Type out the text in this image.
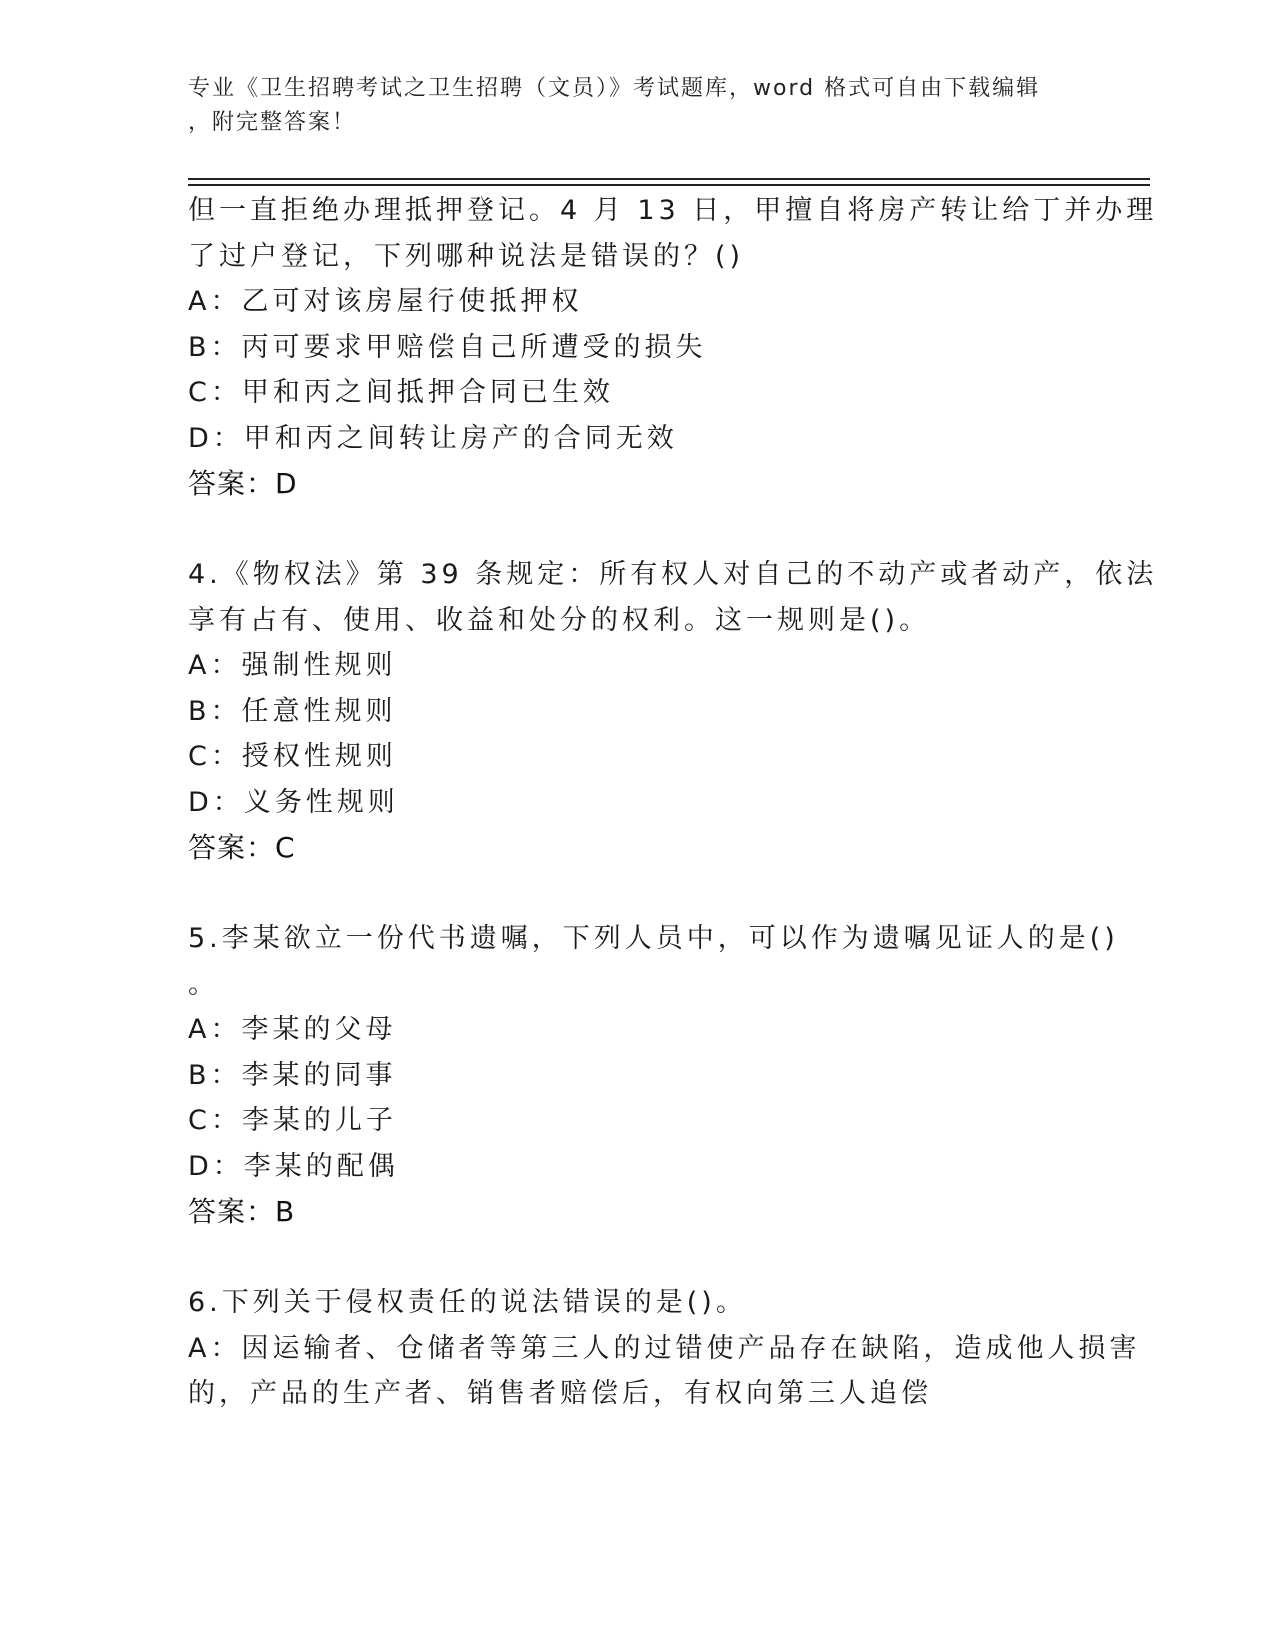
专业《卫生招聘考试之卫生招聘（文员）》考试题库，word 格式可自由下载编辑

，附完整答案！
但一直拒绝办理抵押登记。4 月 13 日，甲擅自将房产转让给丁并办理
了过户登记，下列哪种说法是错误的？()
A：乙可对该房屋行使抵押权
B：丙可要求甲赔偿自己所遭受的损失
C：甲和丙之间抵押合同已生效
D：甲和丙之间转让房产的合同无效
答案：D
4.《物权法》第 39 条规定：所有权人对自己的不动产或者动产，依法
享有占有、使用、收益和处分的权利。这一规则是()。
A：强制性规则
B：任意性规则
C：授权性规则
D：义务性规则
答案：C
5.李某欲立一份代书遗嘱，下列人员中，可以作为遗嘱见证人的是()
。
A：李某的父母
B：李某的同事
C：李某的儿子
D：李某的配偶
答案：B
6.下列关于侵权责任的说法错误的是()。
A：因运输者、仓储者等第三人的过错使产品存在缺陷，造成他人损害
的，产品的生产者、销售者赔偿后，有权向第三人追偿
